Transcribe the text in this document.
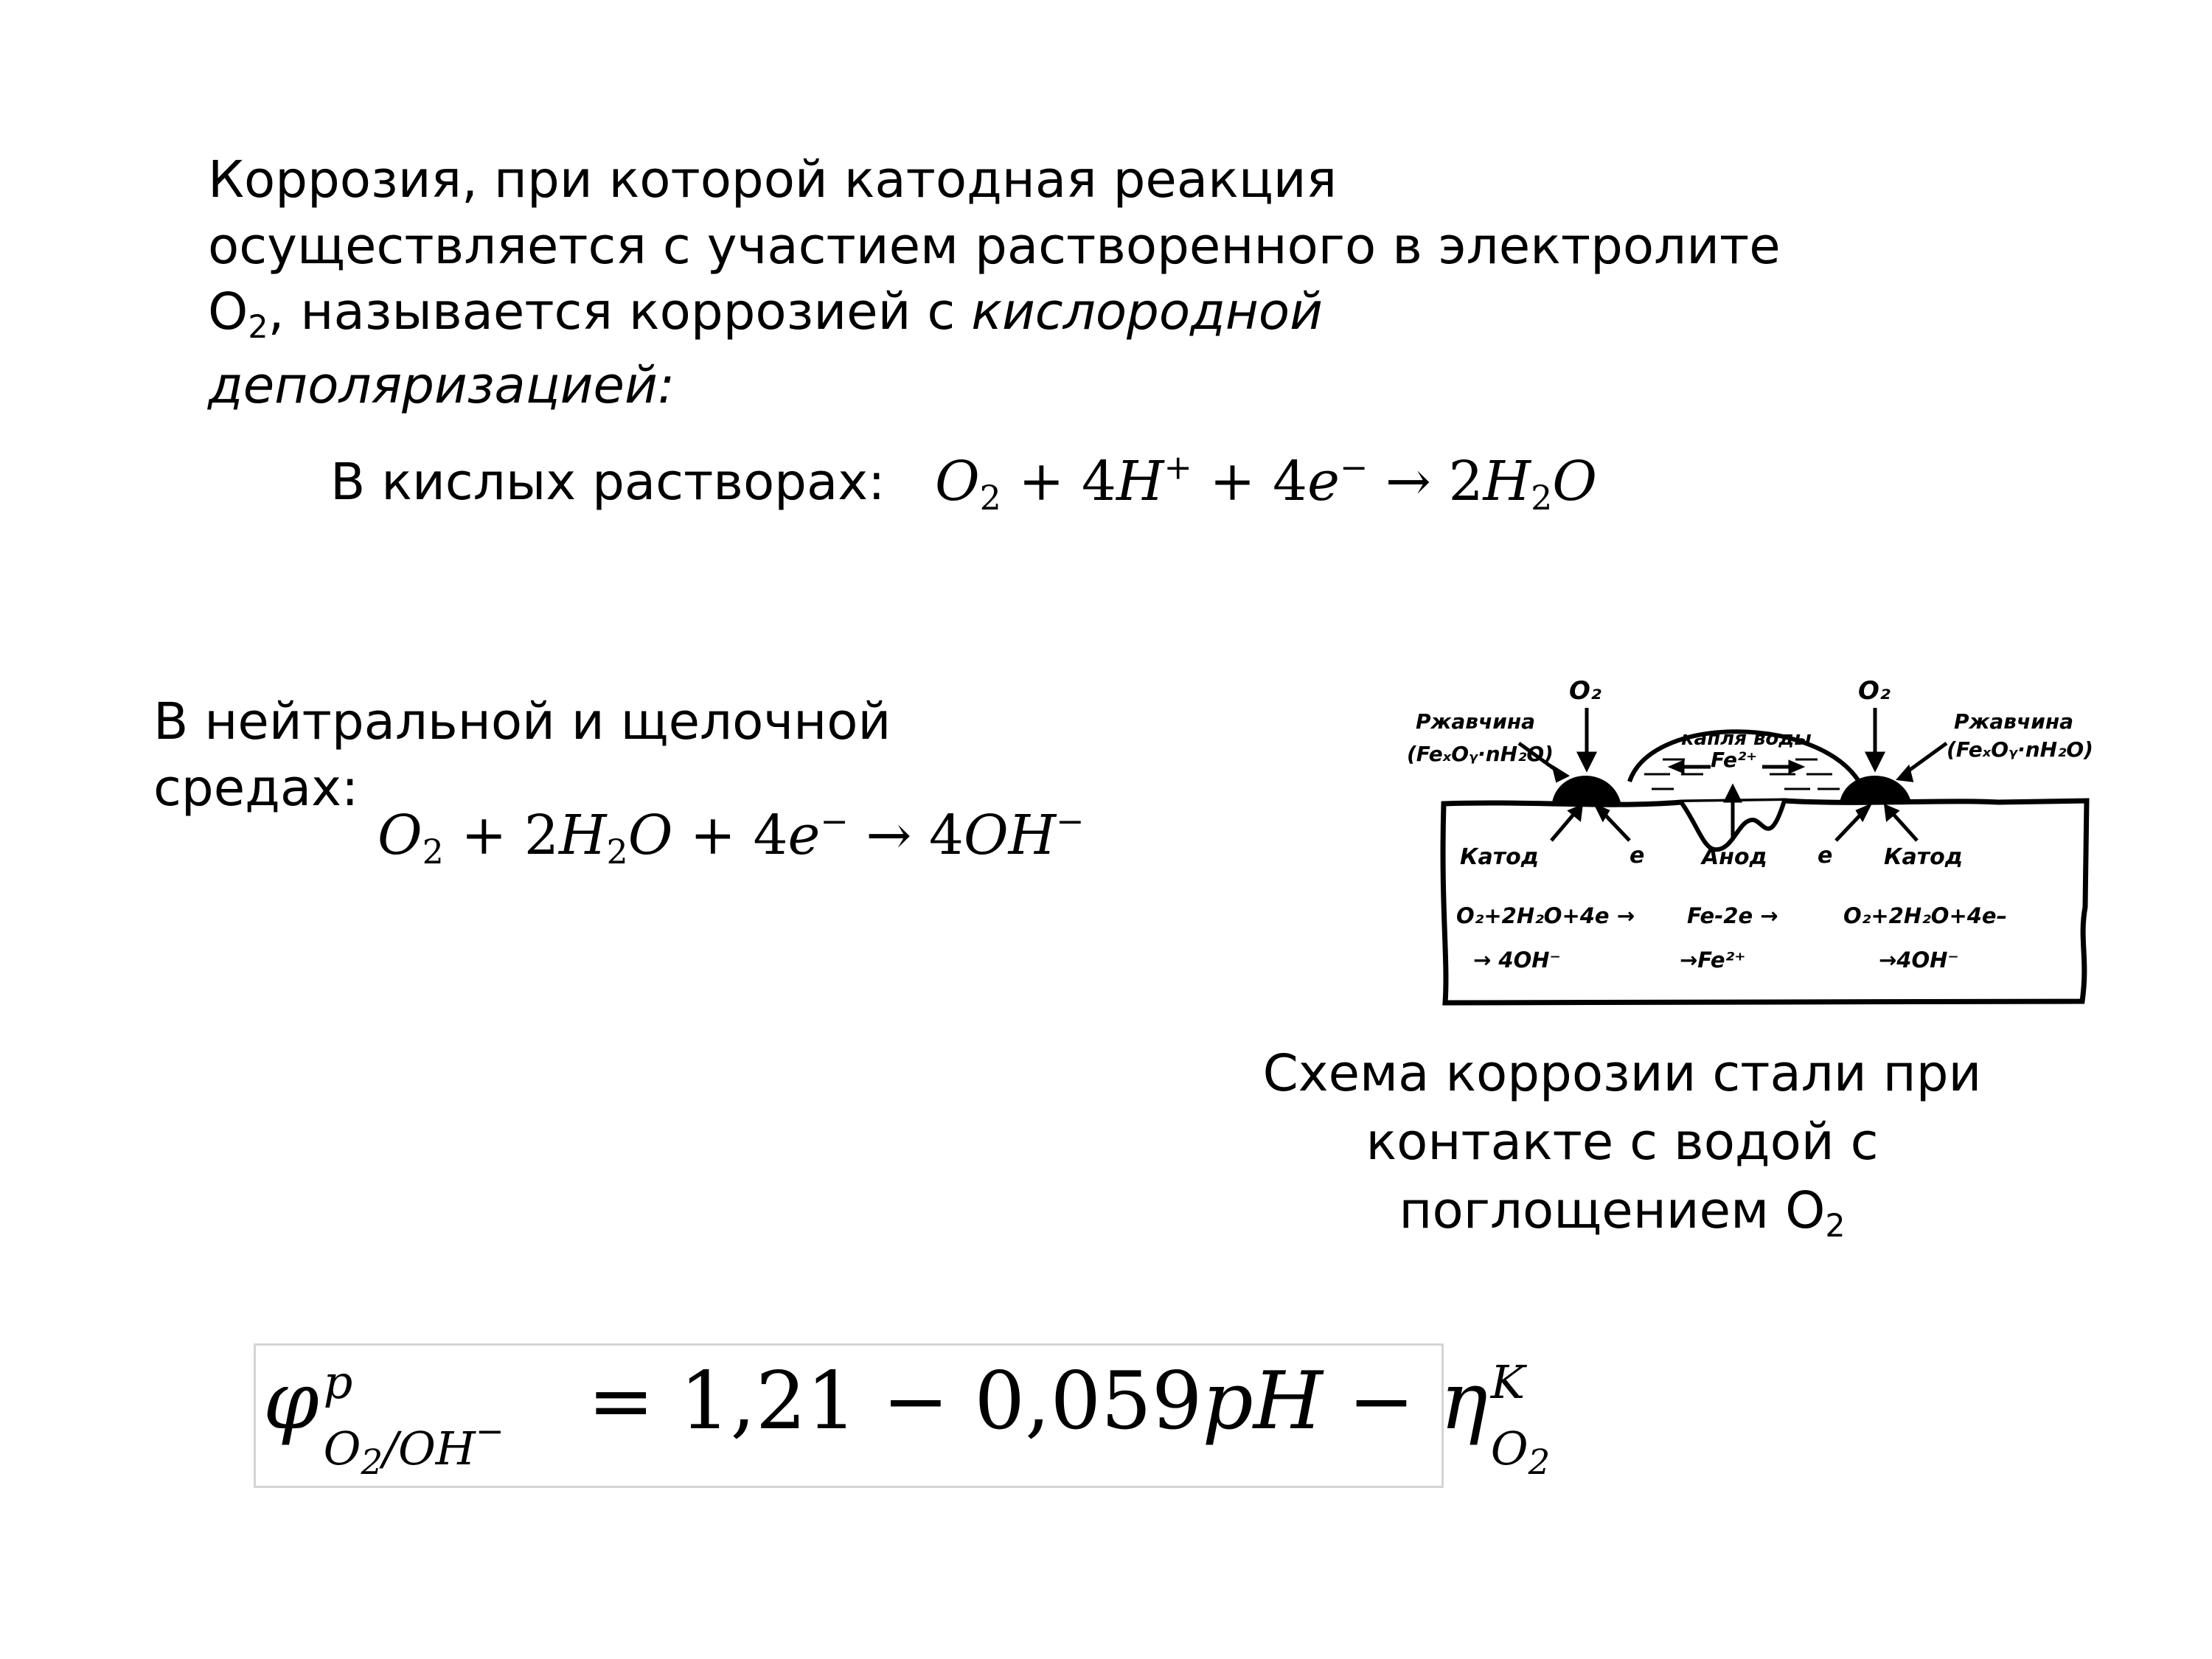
Коррозия, при которой катодная реакция
осуществляется с участием растворенного в электролите
$O_2$, называется коррозией с кислородной
деполяризацией:
В кислых растворах: $O_2 + 4H^+ + 4e^- \to 2H_2O$
В нейтральной и щелочной
средах:
$O_2 + 2H_2O + 4e^- \to 4OH^-$
O₂	O₂
Ржавчина
(FeₓOᵧ·nH₂O)
Ржавчина
(FeₓOᵧ·nH₂O)
капля воды
Fe²⁺
Катод	e	Анод e Катод
O₂+2H₂O+4e →
→ 4OH⁻
Fe-2e →
→Fe²⁺
O₂+2H₂O+4e–
→4OH⁻
Схема коррозии стали при
контакте с водой с
поглощением $O_2$
φ p
$O_2/OH^- = 1,21 - 0,059pH - \eta$ K
$O_2$
